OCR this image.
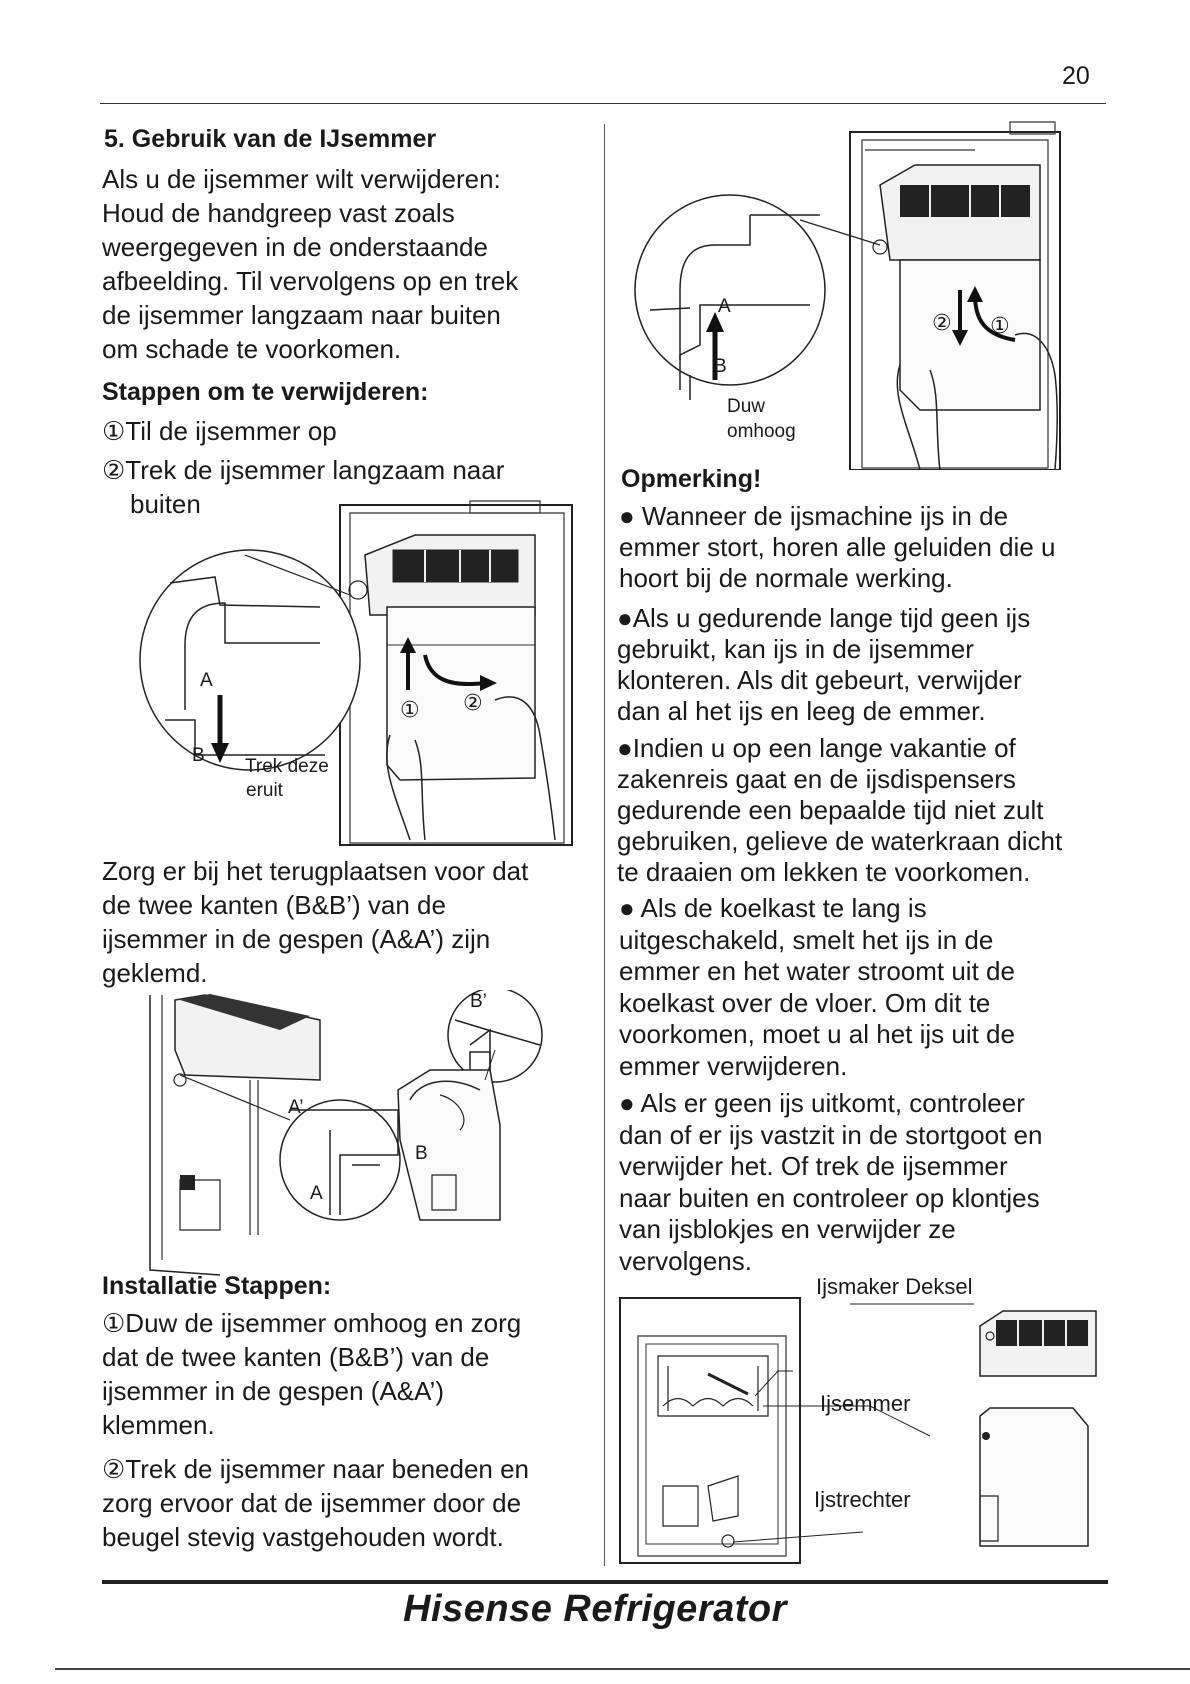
20
5. Gebruik van de IJsemmer
Als u de ijsemmer wilt verwijderen:
Houd de handgreep vast zoals
weergegeven in de onderstaande
afbeelding. Til vervolgens op en trek
de ijsemmer langzaam naar buiten
om schade te voorkomen.
Stappen om te verwijderen:
①Til de ijsemmer op
②Trek de ijsemmer langzaam naar
buiten
A
B
Trek deze
eruit
① ②
Zorg er bij het terugplaatsen voor dat
de twee kanten (B&B’) van de
ijsemmer in de gespen (A&A’) zijn
geklemd.
B’
A’
A
B
Installatie Stappen:
①Duw de ijsemmer omhoog en zorg
dat de twee kanten (B&B’) van de
ijsemmer in de gespen (A&A’)
klemmen.
②Trek de ijsemmer naar beneden en
zorg ervoor dat de ijsemmer door de
beugel stevig vastgehouden wordt.
A
B
Duw
omhoog
①
②
Opmerking!
● Wanneer de ijsmachine ijs in de
emmer stort, horen alle geluiden die u
hoort bij de normale werking.
●Als u gedurende lange tijd geen ijs
gebruikt, kan ijs in de ijsemmer
klonteren. Als dit gebeurt, verwijder
dan al het ijs en leeg de emmer.
●Indien u op een lange vakantie of
zakenreis gaat en de ijsdispensers
gedurende een bepaalde tijd niet zult
gebruiken, gelieve de waterkraan dicht
te draaien om lekken te voorkomen.
● Als de koelkast te lang is
uitgeschakeld, smelt het ijs in de
emmer en het water stroomt uit de
koelkast over de vloer. Om dit te
voorkomen, moet u al het ijs uit de
emmer verwijderen.
● Als er geen ijs uitkomt, controleer
dan of er ijs vastzit in de stortgoot en
verwijder het. Of trek de ijsemmer
naar buiten en controleer op klontjes
van ijsblokjes en verwijder ze
vervolgens.
Ijsmaker Deksel
Ijsemmer
Ijstrechter
Hisense Refrigerator
